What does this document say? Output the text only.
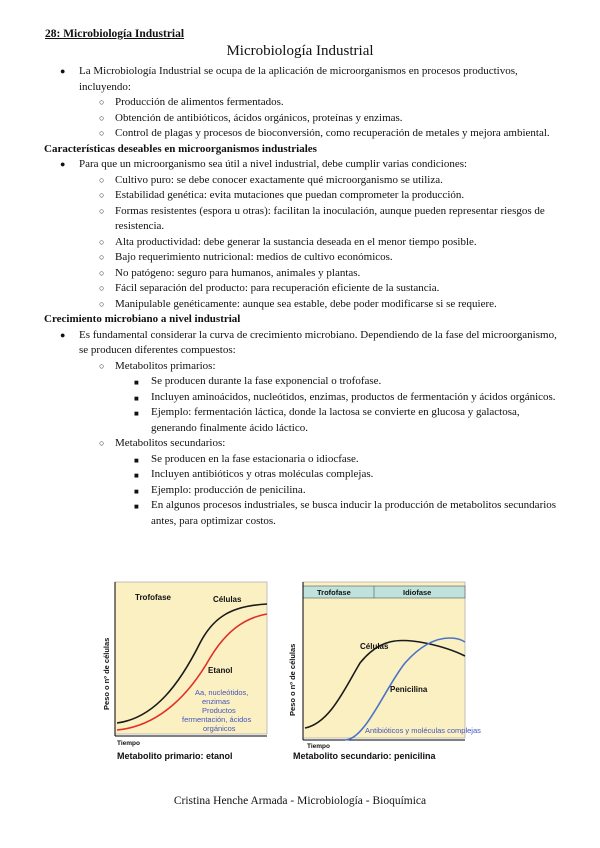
28: Microbiología Industrial
Microbiología Industrial
● La Microbiología Industrial se ocupa de la aplicación de microorganismos en procesos productivos, incluyendo:
○ Producción de alimentos fermentados.
○ Obtención de antibióticos, ácidos orgánicos, proteínas y enzimas.
○ Control de plagas y procesos de bioconversión, como recuperación de metales y mejora ambiental.

Características deseables en microorganismos industriales

● Para que un microorganismo sea útil a nivel industrial, debe cumplir varias condiciones:
○ Cultivo puro: se debe conocer exactamente qué microorganismo se utiliza.
○ Estabilidad genética: evita mutaciones que puedan comprometer la producción.
○ Formas resistentes (espora u otras): facilitan la inoculación, aunque pueden representar riesgos de resistencia.
○ Alta productividad: debe generar la sustancia deseada en el menor tiempo posible.
○ Bajo requerimiento nutricional: medios de cultivo económicos.
○ No patógeno: seguro para humanos, animales y plantas.
○ Fácil separación del producto: para recuperación eficiente de la sustancia.
○ Manipulable genéticamente: aunque sea estable, debe poder modificarse si se requiere.

Crecimiento microbiano a nivel industrial

● Es fundamental considerar la curva de crecimiento microbiano. Dependiendo de la fase del microorganismo, se producen diferentes compuestos:
○ Metabolitos primarios:
■ Se producen durante la fase exponencial o trofofase.
■ Incluyen aminoácidos, nucleótidos, enzimas, productos de fermentación y ácidos orgánicos.
■ Ejemplo: fermentación láctica, donde la lactosa se convierte en glucosa y galactosa, generando finalmente ácido láctico.
○ Metabolitos secundarios:
■ Se producen en la fase estacionaria o idiocfase.
■ Incluyen antibióticos y otras moléculas complejas.
■ Ejemplo: producción de penicilina.
■ En algunos procesos industriales, se busca inducir la producción de metabolitos secundarios antes, para optimizar costos.
Trofofase	Células
Etanol
Aa, nucleótidos,
enzimas
Productos
fermentación, ácidos
orgánicos
Peso o nº de células
Tiempo
Metabolito primario: etanol
Trofofase	Idiofase
Células
Penicilina
Antibióticos y moléculas complejas
Peso o nº de células
Tiempo
Metabolito secundario: penicilina
Cristina Henche Armada - Microbiología - Bioquímica
